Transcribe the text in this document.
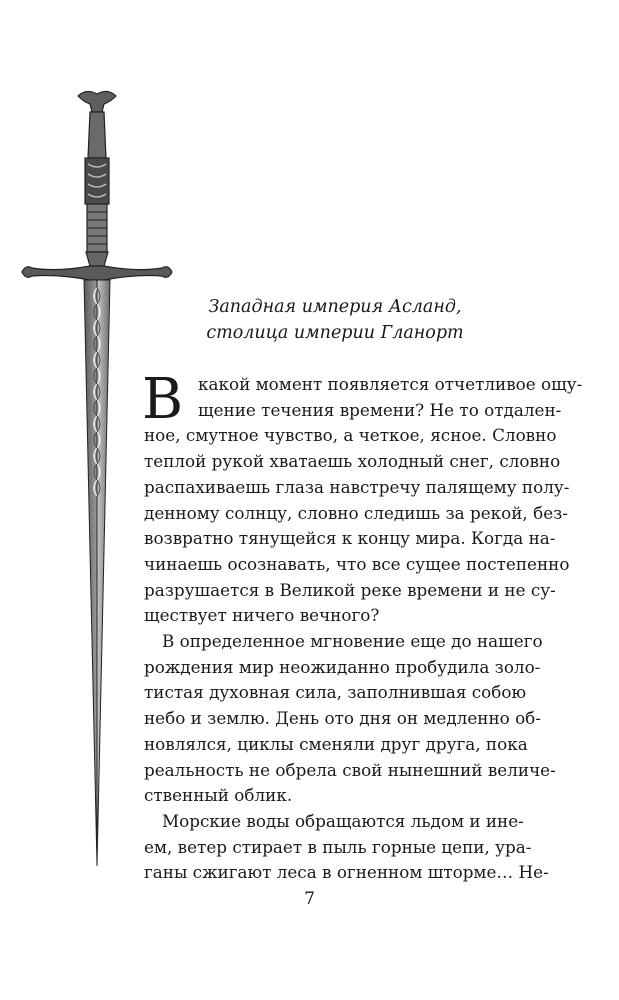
Западная империя Асланд,
столица империи Гланорт
В какой момент появляется отчетливое ощу-
щение течения времени? Не то отдален-
ное, смутное чувство, а четкое, ясное. Словно
теплой рукой хватаешь холодный снег, словно
распахиваешь глаза навстречу палящему полу-
денному солнцу, словно следишь за рекой, без-
возвратно тянущейся к концу мира. Когда на-
чинаешь осознавать, что все сущее постепенно
разрушается в Великой реке времени и не су-
ществует ничего вечного?
В определенное мгновение еще до нашего
рождения мир неожиданно пробудила золо-
тистая духовная сила, заполнившая собою
небо и землю. День ото дня он медленно об-
новлялся, циклы сменяли друг друга, пока
реальность не обрела свой нынешний величе-
ственный облик.
Морские воды обращаются льдом и ине-
ем, ветер стирает в пыль горные цепи, ура-
ганы сжигают леса в огненном шторме… Не-
7
